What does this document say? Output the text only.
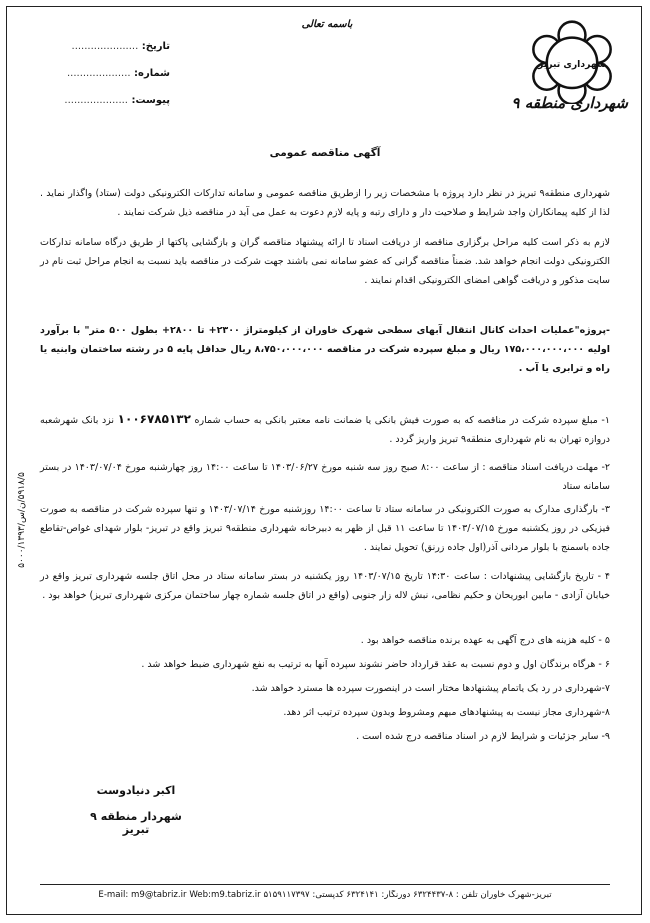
شهرداری تبریز
شهرداری منطقه ۹
باسمه تعالی
تاریخ: .....................
شماره: ....................
پیوست: ....................
۵۹۱۸/۵/ن/س/۵۰۰۰/۱۳۹۳
آگهی مناقصه عمومی

شهرداری منطقه۹ تبریز در نظر دارد پروژه با مشخصات زیر را ازطریق مناقصه عمومی و سامانه تدارکات الکترونیکی دولت (ستاد) واگذار نماید . لذا از کلیه پیمانکاران واجد شرایط و صلاحیت دار و دارای رتبه و پایه لازم دعوت به عمل می آید در مناقصه ذیل شرکت نمایند .

لازم به ذکر است کلیه مراحل برگزاری مناقصه از دریافت اسناد تا ارائه پیشنهاد مناقصه گران و بازگشایی پاکتها از طریق درگاه سامانه تدارکات الکترونیکی دولت انجام خواهد شد. ضمناً مناقصه گرانی که عضو سامانه نمی باشند جهت شرکت در مناقصه باید نسبت به انجام مراحل ثبت نام در سایت مذکور و دریافت گواهی امضای الکترونیکی اقدام نمایند .

-پروژه"عملیات احداث کانال انتقال آبهای سطحی شهرک خاوران از کیلومتراژ ۲۳۰۰+ تا ۲۸۰۰+ بطول ۵۰۰ متر" با برآورد اولیه ۱۷۵،۰۰۰،۰۰۰،۰۰۰ ریال و مبلغ سپرده شرکت در مناقصه ۸،۷۵۰،۰۰۰،۰۰۰ ریال حداقل پایه ۵ در رشته ساختمان وابنیه یا راه و ترابری یا آب .

۱- مبلغ سپرده شرکت در مناقصه که به صورت فیش بانکی یا ضمانت نامه معتبر بانکی به حساب شماره ۱۰۰۶۷۸۵۱۳۲ نزد بانک شهرشعبه دروازه تهران به نام شهرداری منطقه۹ تبریز واریز گردد .

۲- مهلت دریافت اسناد مناقصه : از ساعت ۸:۰۰ صبح روز سه شنبه مورخ ۱۴۰۳/۰۶/۲۷ تا ساعت ۱۴:۰۰ روز چهارشنبه مورخ ۱۴۰۳/۰۷/۰۴ در بستر سامانه ستاد

۳- بارگذاری مدارک به صورت الکترونیکی در سامانه ستاد تا ساعت ۱۴:۰۰ روزشنبه مورخ ۱۴۰۳/۰۷/۱۴ و تنها سپرده شرکت در مناقصه به صورت فیزیکی در روز یکشنبه مورخ ۱۴۰۳/۰۷/۱۵ تا ساعت ۱۱ قبل از ظهر به دبیرخانه شهرداری منطقه۹ تبریز واقع در تبریز- بلوار شهدای غواص-تقاطع جاده باسمنج با بلوار مردانی آذر(اول جاده زرنق) تحویل نمایند .

۴ - تاریخ بازگشایی پیشنهادات : ساعت ۱۴:۳۰ تاریخ ۱۴۰۳/۰۷/۱۵ روز یکشنبه در بستر سامانه ستاد در محل اتاق جلسه شهرداری تبریز واقع در خیابان آزادی - مابین ابوریحان و حکیم نظامی، نبش لاله زار جنوبی (واقع در اتاق جلسه شماره چهار ساختمان مرکزی شهرداری تبریز) خواهد بود .

۵ - کلیه هزینه های درج آگهی به عهده برنده مناقصه خواهد بود .

۶ - هرگاه برندگان اول و دوم نسبت به عقد قرارداد حاضر نشوند سپرده آنها به ترتیب به نفع شهرداری ضبط خواهد شد .

۷-شهرداری در رد یک یاتمام پیشنهادها مختار است در اینصورت سپرده ها مسترد خواهد شد.

۸-شهرداری مجاز نیست به پیشنهادهای مبهم ومشروط وبدون سپرده ترتیب اثر دهد.

۹- سایر جزئیات و شرایط لازم در اسناد مناقصه درج شده است .

اکبر دنیادوست
شهردار منطقه ۹ تبریز
تبریز-شهرک خاوران تلفن : ۸-۶۳۲۴۴۳۷ دورنگار: ۶۳۲۴۱۴۱ کدپستی: ۵۱۵۹۱۱۷۳۹۷ E-mail: m9@tabriz.ir Web:m9.tabriz.ir
